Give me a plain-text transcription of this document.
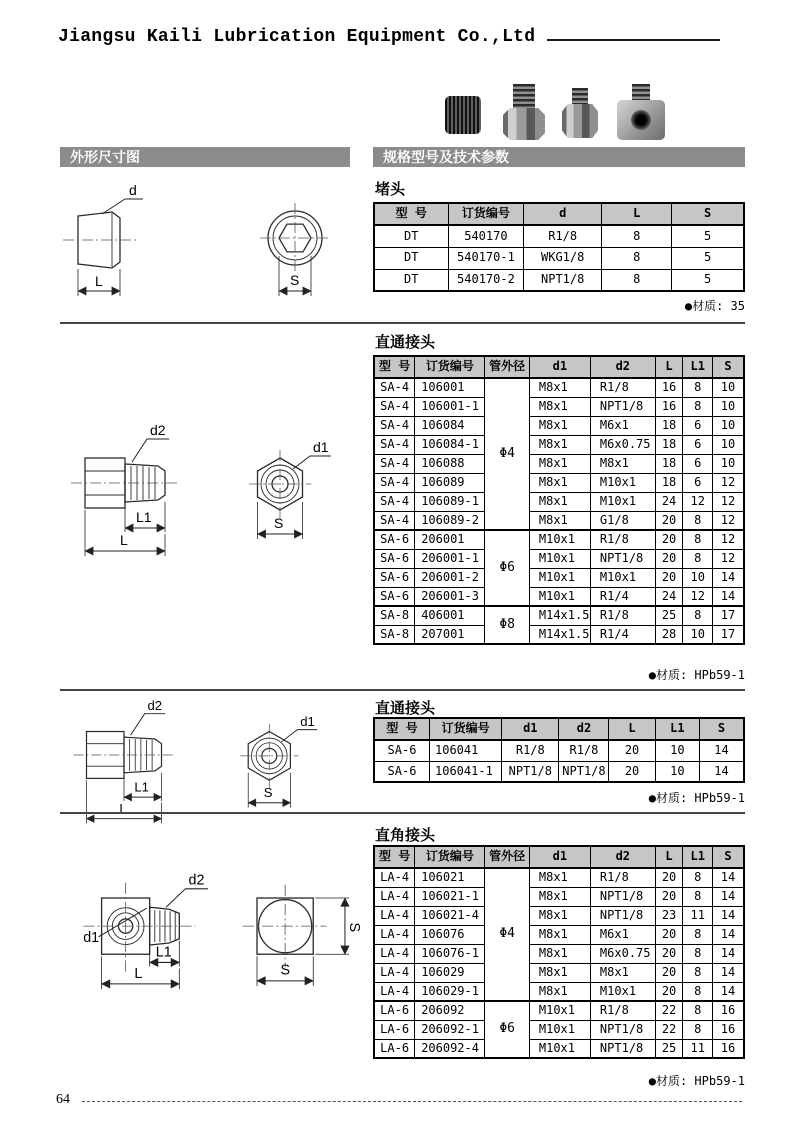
Jiangsu Kaili Lubrication Equipment Co.,Ltd
外形尺寸图	规格型号及技术参数
d
L	S
d2
L1
L
d1
S
d1
d2
L1
L
S
S
堵头
型 号	订货编号	d	L	S
DT	540170	R1/8	8	5
DT	540170-1	WKG1/8	8	5
DT	540170-2	NPT1/8	8	5
●材质: 35
直通接头
型 号	订货编号	管外径	d1	d2	L	L1	S
SA-4	106001	Φ4	M8x1	R1/8	16	8	10
SA-4	106001-1		M8x1	NPT1/8	16	8	10
SA-4	106084		M8x1	M6x1	18	6	10
SA-4	106084-1		M8x1	M6x0.75	18	6	10
SA-4	106088		M8x1	M8x1	18	6	10
SA-4	106089		M8x1	M10x1	18	6	12
SA-4	106089-1		M8x1	M10x1	24	12	12
SA-4	106089-2		M8x1	G1/8	20	8	12
SA-6	206001	Φ6	M10x1	R1/8	20	8	12
SA-6	206001-1		M10x1	NPT1/8	20	8	12
SA-6	206001-2		M10x1	M10x1	20	10	14
SA-6	206001-3		M10x1	R1/4	24	12	14
SA-8	406001	Φ8	M14x1.5	R1/8	25	8	17
SA-8	207001		M14x1.5	R1/4	28	10	17
●材质: HPb59-1
直通接头
型 号	订货编号	d1	d2	L	L1	S
SA-6	106041	R1/8	R1/8	20	10	14
SA-6	106041-1	NPT1/8	NPT1/8	20	10	14
●材质: HPb59-1
直角接头
型 号	订货编号	管外径	d1	d2	L	L1	S
LA-4	106021	Φ4	M8x1	R1/8	20	8	14
LA-4	106021-1		M8x1	NPT1/8	20	8	14
LA-4	106021-4		M8x1	NPT1/8	23	11	14
LA-4	106076		M8x1	M6x1	20	8	14
LA-4	106076-1		M8x1	M6x0.75	20	8	14
LA-4	106029		M8x1	M8x1	20	8	14
LA-4	106029-1		M8x1	M10x1	20	8	14
LA-6	206092	Φ6	M10x1	R1/8	22	8	16
LA-6	206092-1		M10x1	NPT1/8	22	8	16
LA-6	206092-4		M10x1	NPT1/8	25	11	16
●材质: HPb59-1
64
